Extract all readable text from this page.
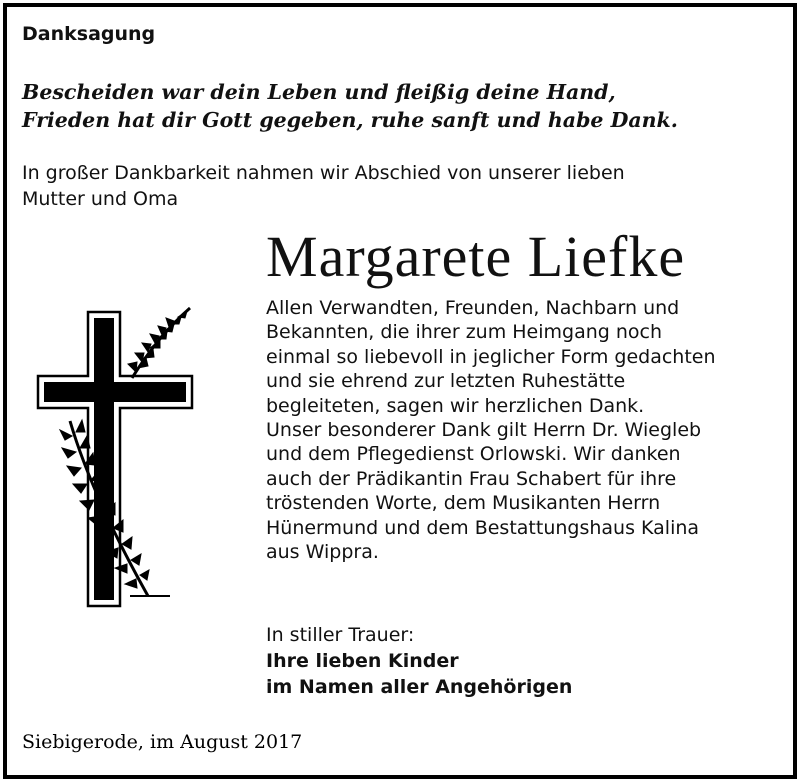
Danksagung
Bescheiden war dein Leben und fleißig deine Hand,
Frieden hat dir Gott gegeben, ruhe sanft und habe Dank.
In großer Dankbarkeit nahmen wir Abschied von unserer lieben
Mutter und Oma
Margarete Liefke
Allen Verwandten, Freunden, Nachbarn und
Bekannten, die ihrer zum Heimgang noch
einmal so liebevoll in jeglicher Form gedachten
und sie ehrend zur letzten Ruhestätte
begleiteten, sagen wir herzlichen Dank.
Unser besonderer Dank gilt Herrn Dr. Wiegleb
und dem Pflegedienst Orlowski. Wir danken
auch der Prädikantin Frau Schabert für ihre
tröstenden Worte, dem Musikanten Herrn
Hünermund und dem Bestattungshaus Kalina
aus Wippra.
In stiller Trauer:
Ihre lieben Kinder
im Namen aller Angehörigen
Siebigerode, im August 2017
